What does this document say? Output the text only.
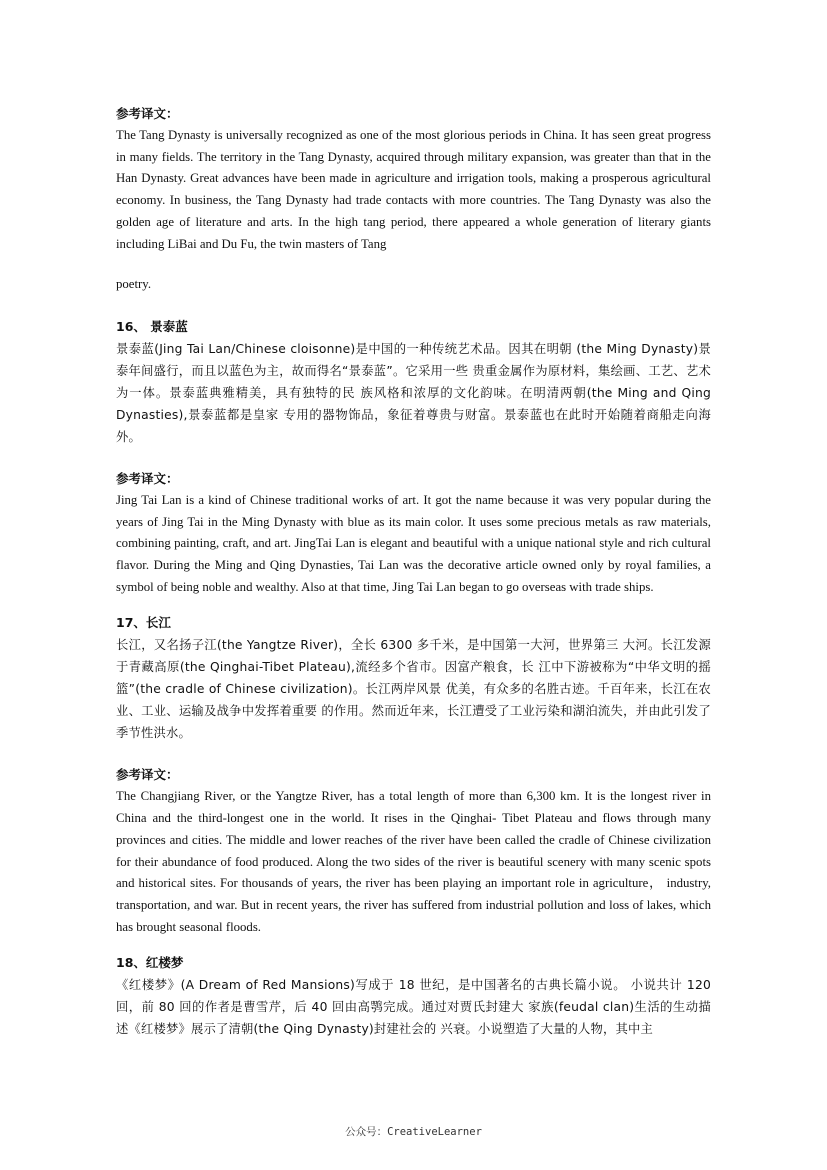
参考译文：

The Tang Dynasty is universally recognized as one of the most glorious periods in China. It has seen great progress in many fields. The territory in the Tang Dynasty, acquired through military expansion, was greater than that in the Han Dynasty. Great advances have been made in agriculture and irrigation tools, making a prosperous agricultural economy. In business, the Tang Dynasty had trade contacts with more countries. The Tang Dynasty was also the golden age of literature and arts. In the high tang period, there appeared a whole generation of literary giants including LiBai and Du Fu, the twin masters of Tang

poetry.

16、 景泰蓝

景泰蓝(Jing Tai Lan/Chinese cloisonne)是中国的一种传统艺术品。因其在明朝 (the Ming Dynasty)景泰年间盛行，而且以蓝色为主，故而得名“景泰蓝”。它采用一些 贵重金属作为原材料，集绘画、工艺、艺术为一体。景泰蓝典雅精美，具有独特的民 族风格和浓厚的文化韵味。在明清两朝(the Ming and Qing Dynasties),景泰蓝都是皇家 专用的器物饰品，象征着尊贵与财富。景泰蓝也在此时开始随着商船走向海外。

参考译文：

Jing Tai Lan is a kind of Chinese traditional works of art. It got the name because it was very popular during the years of Jing Tai in the Ming Dynasty with blue as its main color. It uses some precious metals as raw materials, combining painting, craft, and art. JingTai Lan is elegant and beautiful with a unique national style and rich cultural flavor. During the Ming and Qing Dynasties, Tai Lan was the decorative article owned only by royal families, a symbol of being noble and wealthy. Also at that time, Jing Tai Lan began to go overseas with trade ships.

17、长江

长江，又名扬子江(the Yangtze River)，全长 6300 多千米，是中国第一大河，世界第三 大河。长江发源于青藏高原(the Qinghai-Tibet Plateau),流经多个省市。因富产粮食，长 江中下游被称为“中华文明的摇篮”(the cradle of Chinese civilization)。长江两岸风景 优美，有众多的名胜古迹。千百年来，长江在农业、工业、运输及战争中发挥着重要 的作用。然而近年来，长江遭受了工业污染和湖泊流失，并由此引发了季节性洪水。

参考译文：

The Changjiang River, or the Yangtze River, has a total length of more than 6,300 km. It is the longest river in China and the third-longest one in the world. It rises in the Qinghai- Tibet Plateau and flows through many provinces and cities. The middle and lower reaches of the river have been called the cradle of Chinese civilization for their abundance of food produced. Along the two sides of the river is beautiful scenery with many scenic spots and historical sites. For thousands of years, the river has been playing an important role in agriculture， industry, transportation, and war. But in recent years, the river has suffered from industrial pollution and loss of lakes, which has brought seasonal floods.

18、红楼梦

《红楼梦》(A Dream of Red Mansions)写成于 18 世纪，是中国著名的古典长篇小说。 小说共计 120 回，前 80 回的作者是曹雪芹，后 40 回由高鹗完成。通过对贾氏封建大 家族(feudal clan)生活的生动描述《红楼梦》展示了清朝(the Qing Dynasty)封建社会的 兴衰。小说塑造了大量的人物，其中主

公众号：CreativeLearner
